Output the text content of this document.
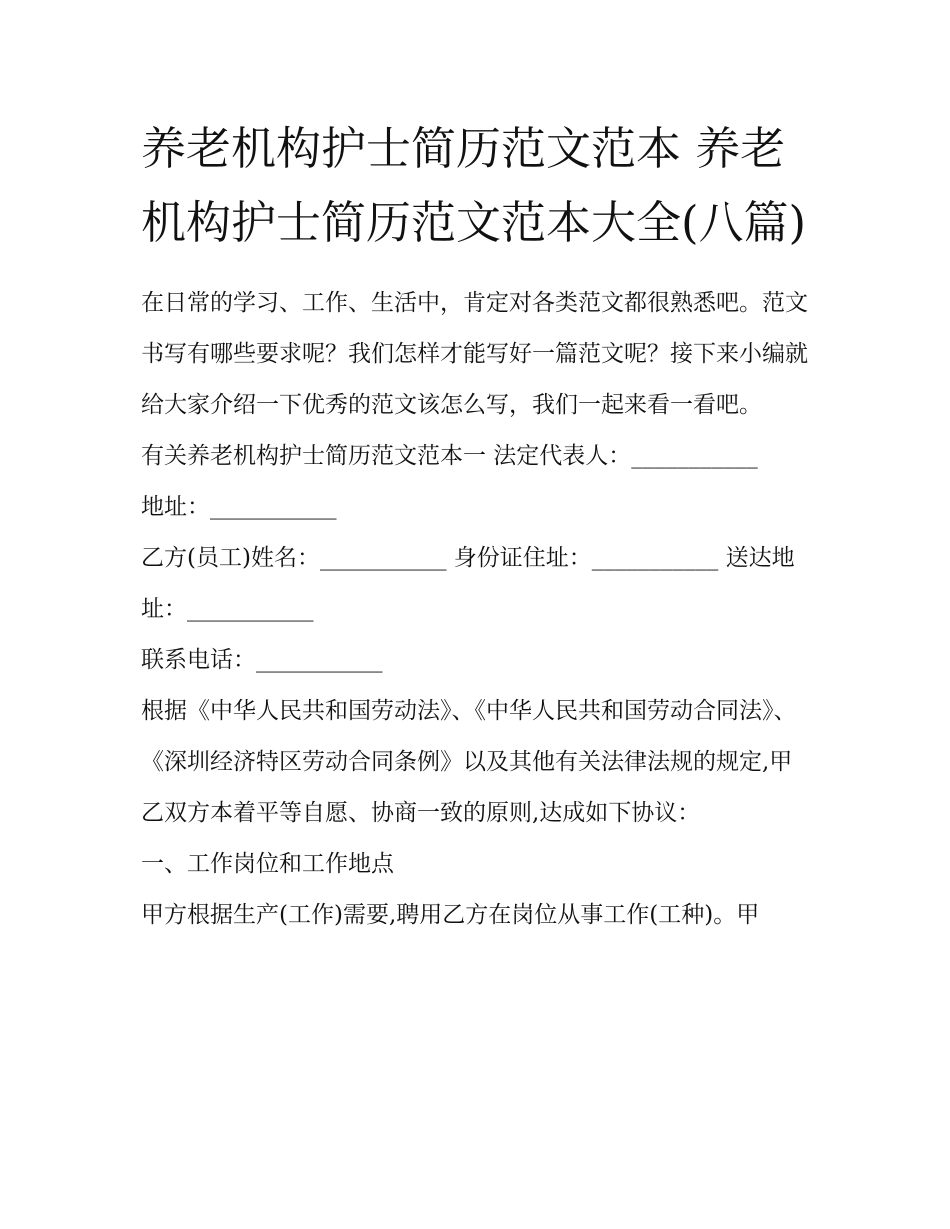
养老机构护士简历范文范本 养老机构护士简历范文范本大全(八篇)

在日常的学习、工作、生活中，肯定对各类范文都很熟悉吧。范文书写有哪些要求呢？我们怎样才能写好一篇范文呢？接下来小编就给大家介绍一下优秀的范文该怎么写，我们一起来看一看吧。

有关养老机构护士简历范文范本一 法定代表人：___________

地址：___________

乙方(员工)姓名：___________ 身份证住址：___________ 送达地址：___________

联系电话：___________

根据《中华人民共和国劳动法》、《中华人民共和国劳动合同法》、《深圳经济特区劳动合同条例》以及其他有关法律法规的规定,甲乙双方本着平等自愿、协商一致的原则,达成如下协议：

一、工作岗位和工作地点

甲方根据生产(工作)需要,聘用乙方在岗位从事工作(工种)。甲
